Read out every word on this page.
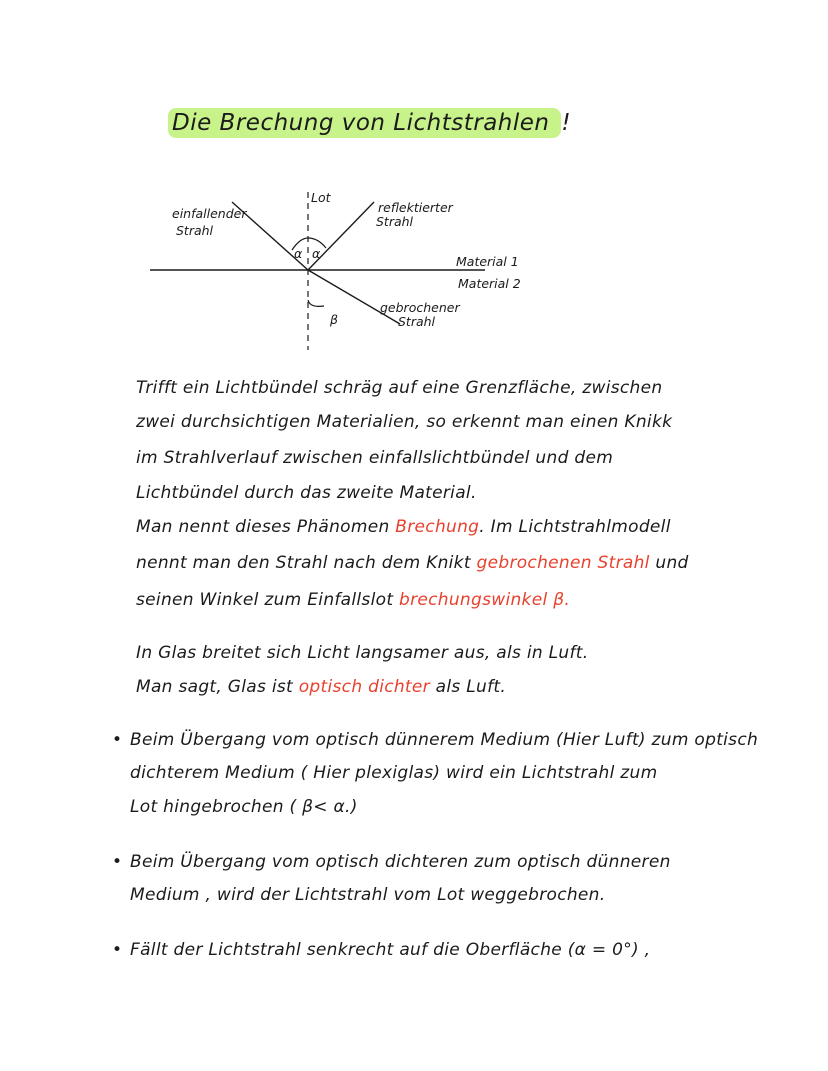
Die Brechung von Lichtstrahlen !
Lot
einfallender
Strahl
reflektierter
Strahl
Material 1
Material 2
gebrochener
Strahl
α α
β
Trifft ein Lichtbündel schräg auf eine Grenzfläche, zwischen
zwei durchsichtigen Materialien, so erkennt man einen Knikk
im Strahlverlauf zwischen einfallslichtbündel und dem
Lichtbündel durch das zweite Material.
Man nennt dieses Phänomen Brechung. Im Lichtstrahlmodell
nennt man den Strahl nach dem Knikt gebrochenen Strahl und
seinen Winkel zum Einfallslot brechungswinkel β.
In Glas breitet sich Licht langsamer aus, als in Luft.
Man sagt, Glas ist optisch dichter als Luft.
• Beim Übergang vom optisch dünnerem Medium (Hier Luft) zum optisch
dichterem Medium ( Hier plexiglas) wird ein Lichtstrahl zum
Lot hingebrochen ( β< α.)
• Beim Übergang vom optisch dichteren zum optisch dünneren
Medium , wird der Lichtstrahl vom Lot weggebrochen.
• Fällt der Lichtstrahl senkrecht auf die Oberfläche (α = 0°) ,
